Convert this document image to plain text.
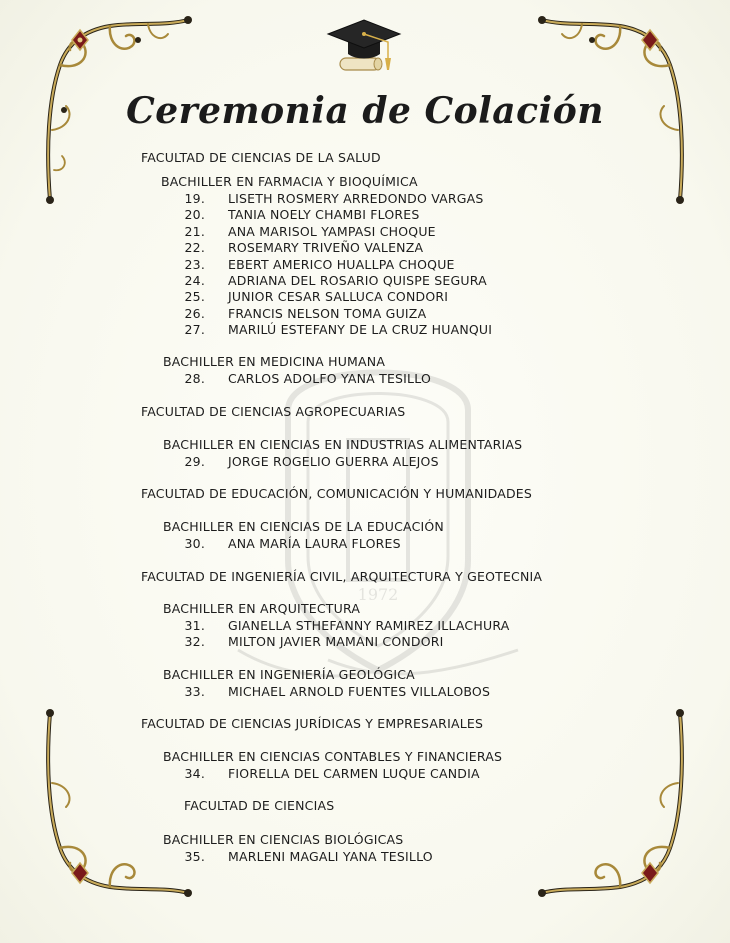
1972
Ceremonia de Colación
FACULTAD DE CIENCIAS DE LA SALUD
BACHILLER EN FARMACIA Y BIOQUÍMICA
19. LISETH ROSMERY ARREDONDO VARGAS
20. TANIA NOELY CHAMBI FLORES
21. ANA MARISOL YAMPASI CHOQUE
22. ROSEMARY TRIVEÑO VALENZA
23. EBERT AMERICO HUALLPA CHOQUE
24. ADRIANA DEL ROSARIO QUISPE SEGURA
25. JUNIOR CESAR SALLUCA CONDORI
26. FRANCIS NELSON TOMA GUIZA
27. MARILÚ ESTEFANY DE LA CRUZ HUANQUI
BACHILLER EN MEDICINA HUMANA
28. CARLOS ADOLFO YANA TESILLO
FACULTAD DE CIENCIAS AGROPECUARIAS
BACHILLER EN CIENCIAS EN INDUSTRIAS ALIMENTARIAS
29. JORGE ROGELIO GUERRA ALEJOS
FACULTAD DE EDUCACIÓN, COMUNICACIÓN Y HUMANIDADES
BACHILLER EN CIENCIAS DE LA EDUCACIÓN
30. ANA MARÍA LAURA FLORES
FACULTAD DE INGENIERÍA CIVIL, ARQUITECTURA Y GEOTECNIA
BACHILLER EN ARQUITECTURA
31. GIANELLA STHEFANNY RAMIREZ ILLACHURA
32. MILTON JAVIER MAMANI CONDORI
BACHILLER EN INGENIERÍA GEOLÓGICA
33. MICHAEL ARNOLD FUENTES VILLALOBOS
FACULTAD DE CIENCIAS JURÍDICAS Y EMPRESARIALES
BACHILLER EN CIENCIAS CONTABLES Y FINANCIERAS
34. FIORELLA DEL CARMEN LUQUE CANDIA
FACULTAD DE CIENCIAS
BACHILLER EN CIENCIAS BIOLÓGICAS
35. MARLENI MAGALI YANA TESILLO
